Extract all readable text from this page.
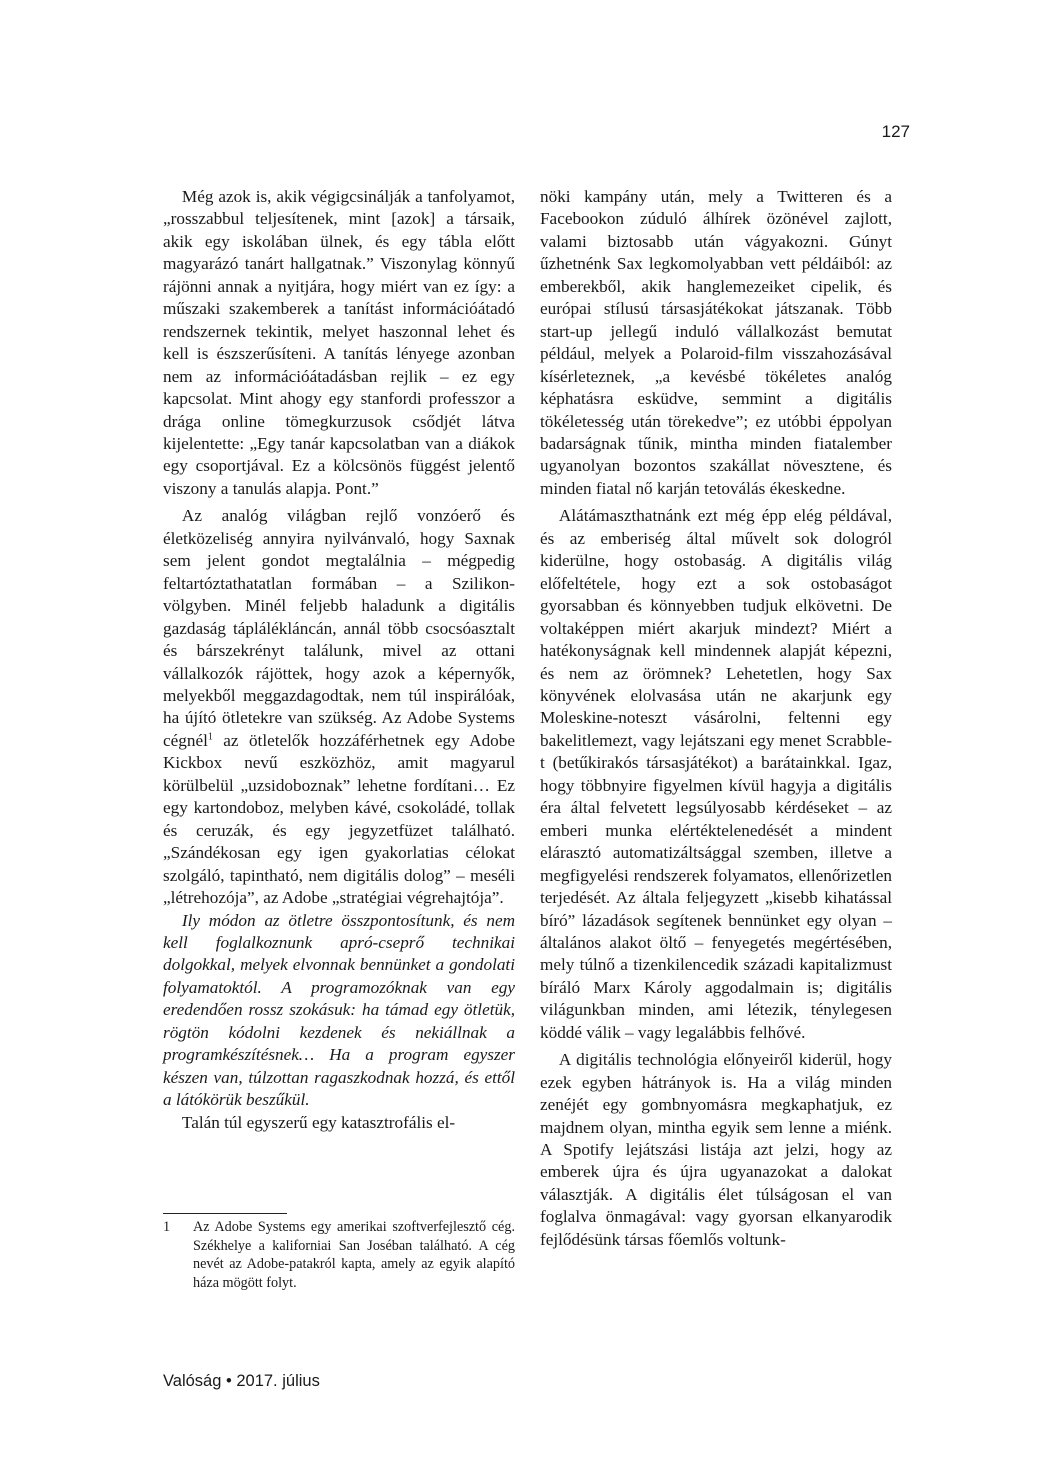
127

Még azok is, akik végigcsinálják a tanfolyamot, „rosszabbul teljesítenek, mint [azok] a társaik, akik egy iskolában ülnek, és egy tábla előtt magyarázó tanárt hallgatnak.” Viszonylag könnyű rájönni annak a nyitjára, hogy miért van ez így: a műszaki szakemberek a tanítást információátadó rendszernek tekintik, melyet haszonnal lehet és kell is észszerűsíteni. A tanítás lényege azonban nem az információátadásban rejlik – ez egy kapcsolat. Mint ahogy egy stanfordi professzor a drága online tömegkurzusok csődjét látva kijelentette: „Egy tanár kapcsolatban van a diákok egy csoportjával. Ez a kölcsönös függést jelentő viszony a tanulás alapja. Pont.”

Az analóg világban rejlő vonzóerő és életközeliség annyira nyilvánvaló, hogy Saxnak sem jelent gondot megtalálnia – mégpedig feltartóztathatatlan formában – a Szilikon-völgyben. Minél feljebb haladunk a digitális gazdaság táplálékláncán, annál több csocsóasztalt és bárszekrényt találunk, mivel az ottani vállalkozók rájöttek, hogy azok a képernyők, melyekből meggazdagodtak, nem túl inspirálóak, ha újító ötletekre van szükség. Az Adobe Systems cégnél$^1$ az ötletelők hozzáférhetnek egy Adobe Kickbox nevű eszközhöz, amit magyarul körülbelül „uzsidoboznak” lehetne fordítani… Ez egy kartondoboz, melyben kávé, csokoládé, tollak és ceruzák, és egy jegyzetfüzet található. „Szándékosan egy igen gyakorlatias célokat szolgáló, tapintható, nem digitális dolog” – meséli „létrehozója”, az Adobe „stratégiai végrehajtója”.

Ily módon az ötletre összpontosítunk, és nem kell foglalkoznunk apró-cseprő technikai dolgokkal, melyek elvonnak bennünket a gondolati folyamatoktól. A programozóknak van egy eredendően rossz szokásuk: ha támad egy ötletük, rögtön kódolni kezdenek és nekiállnak a programkészítésnek… Ha a program egyszer készen van, túlzottan ragaszkodnak hozzá, és ettől a látókörük beszűkül.

Talán túl egyszerű egy katasztrofális el-

nöki kampány után, mely a Twitteren és a Facebookon zúduló álhírek özönével zajlott, valami biztosabb után vágyakozni. Gúnyt űzhetnénk Sax legkomolyabban vett példáiból: az emberekből, akik hanglemezeiket cipelik, és európai stílusú társasjátékokat játszanak. Több start-up jellegű induló vállalkozást bemutat például, melyek a Polaroid-film visszahozásával kísérleteznek, „a kevésbé tökéletes analóg képhatásra esküdve, semmint a digitális tökéletesség után törekedve”; ez utóbbi éppolyan badarságnak tűnik, mintha minden fiatalember ugyanolyan bozontos szakállat növesztene, és minden fiatal nő karján tetoválás ékeskedne.

Alátámaszthatnánk ezt még épp elég példával, és az emberiség által művelt sok dologról kiderülne, hogy ostobaság. A digitális világ előfeltétele, hogy ezt a sok ostobaságot gyorsabban és könnyebben tudjuk elkövetni. De voltaképpen miért akarjuk mindezt? Miért a hatékonyságnak kell mindennek alapját képezni, és nem az örömnek? Lehetetlen, hogy Sax könyvének elolvasása után ne akarjunk egy Moleskine-noteszt vásárolni, feltenni egy bakelitlemezt, vagy lejátszani egy menet Scrabble-t (betűkirakós társasjátékot) a barátainkkal. Igaz, hogy többnyire figyelmen kívül hagyja a digitális éra által felvetett legsúlyosabb kérdéseket – az emberi munka elértéktelenedését a mindent elárasztó automatizáltsággal szemben, illetve a megfigyelési rendszerek folyamatos, ellenőrizetlen terjedését. Az általa feljegyzett „kisebb kihatással bíró” lázadások segítenek bennünket egy olyan – általános alakot öltő – fenyegetés megértésében, mely túlnő a tizenkilencedik századi kapitalizmust bíráló Marx Károly aggodalmain is; digitális világunkban minden, ami létezik, ténylegesen köddé válik – vagy legalábbis felhővé.

A digitális technológia előnyeiről kiderül, hogy ezek egyben hátrányok is. Ha a világ minden zenéjét egy gombnyomásra megkaphatjuk, ez majdnem olyan, mintha egyik sem lenne a miénk. A Spotify lejátszási listája azt jelzi, hogy az emberek újra és újra ugyanazokat a dalokat választják. A digitális élet túlságosan el van foglalva önmagával: vagy gyorsan elkanyarodik fejlődésünk társas főemlős voltunk-

1	Az Adobe Systems egy amerikai szoftverfejlesztő cég. Székhelye a kaliforniai San Joséban található. A cég nevét az Adobe-patakról kapta, amely az egyik alapító háza mögött folyt.
Valóság • 2017. július
